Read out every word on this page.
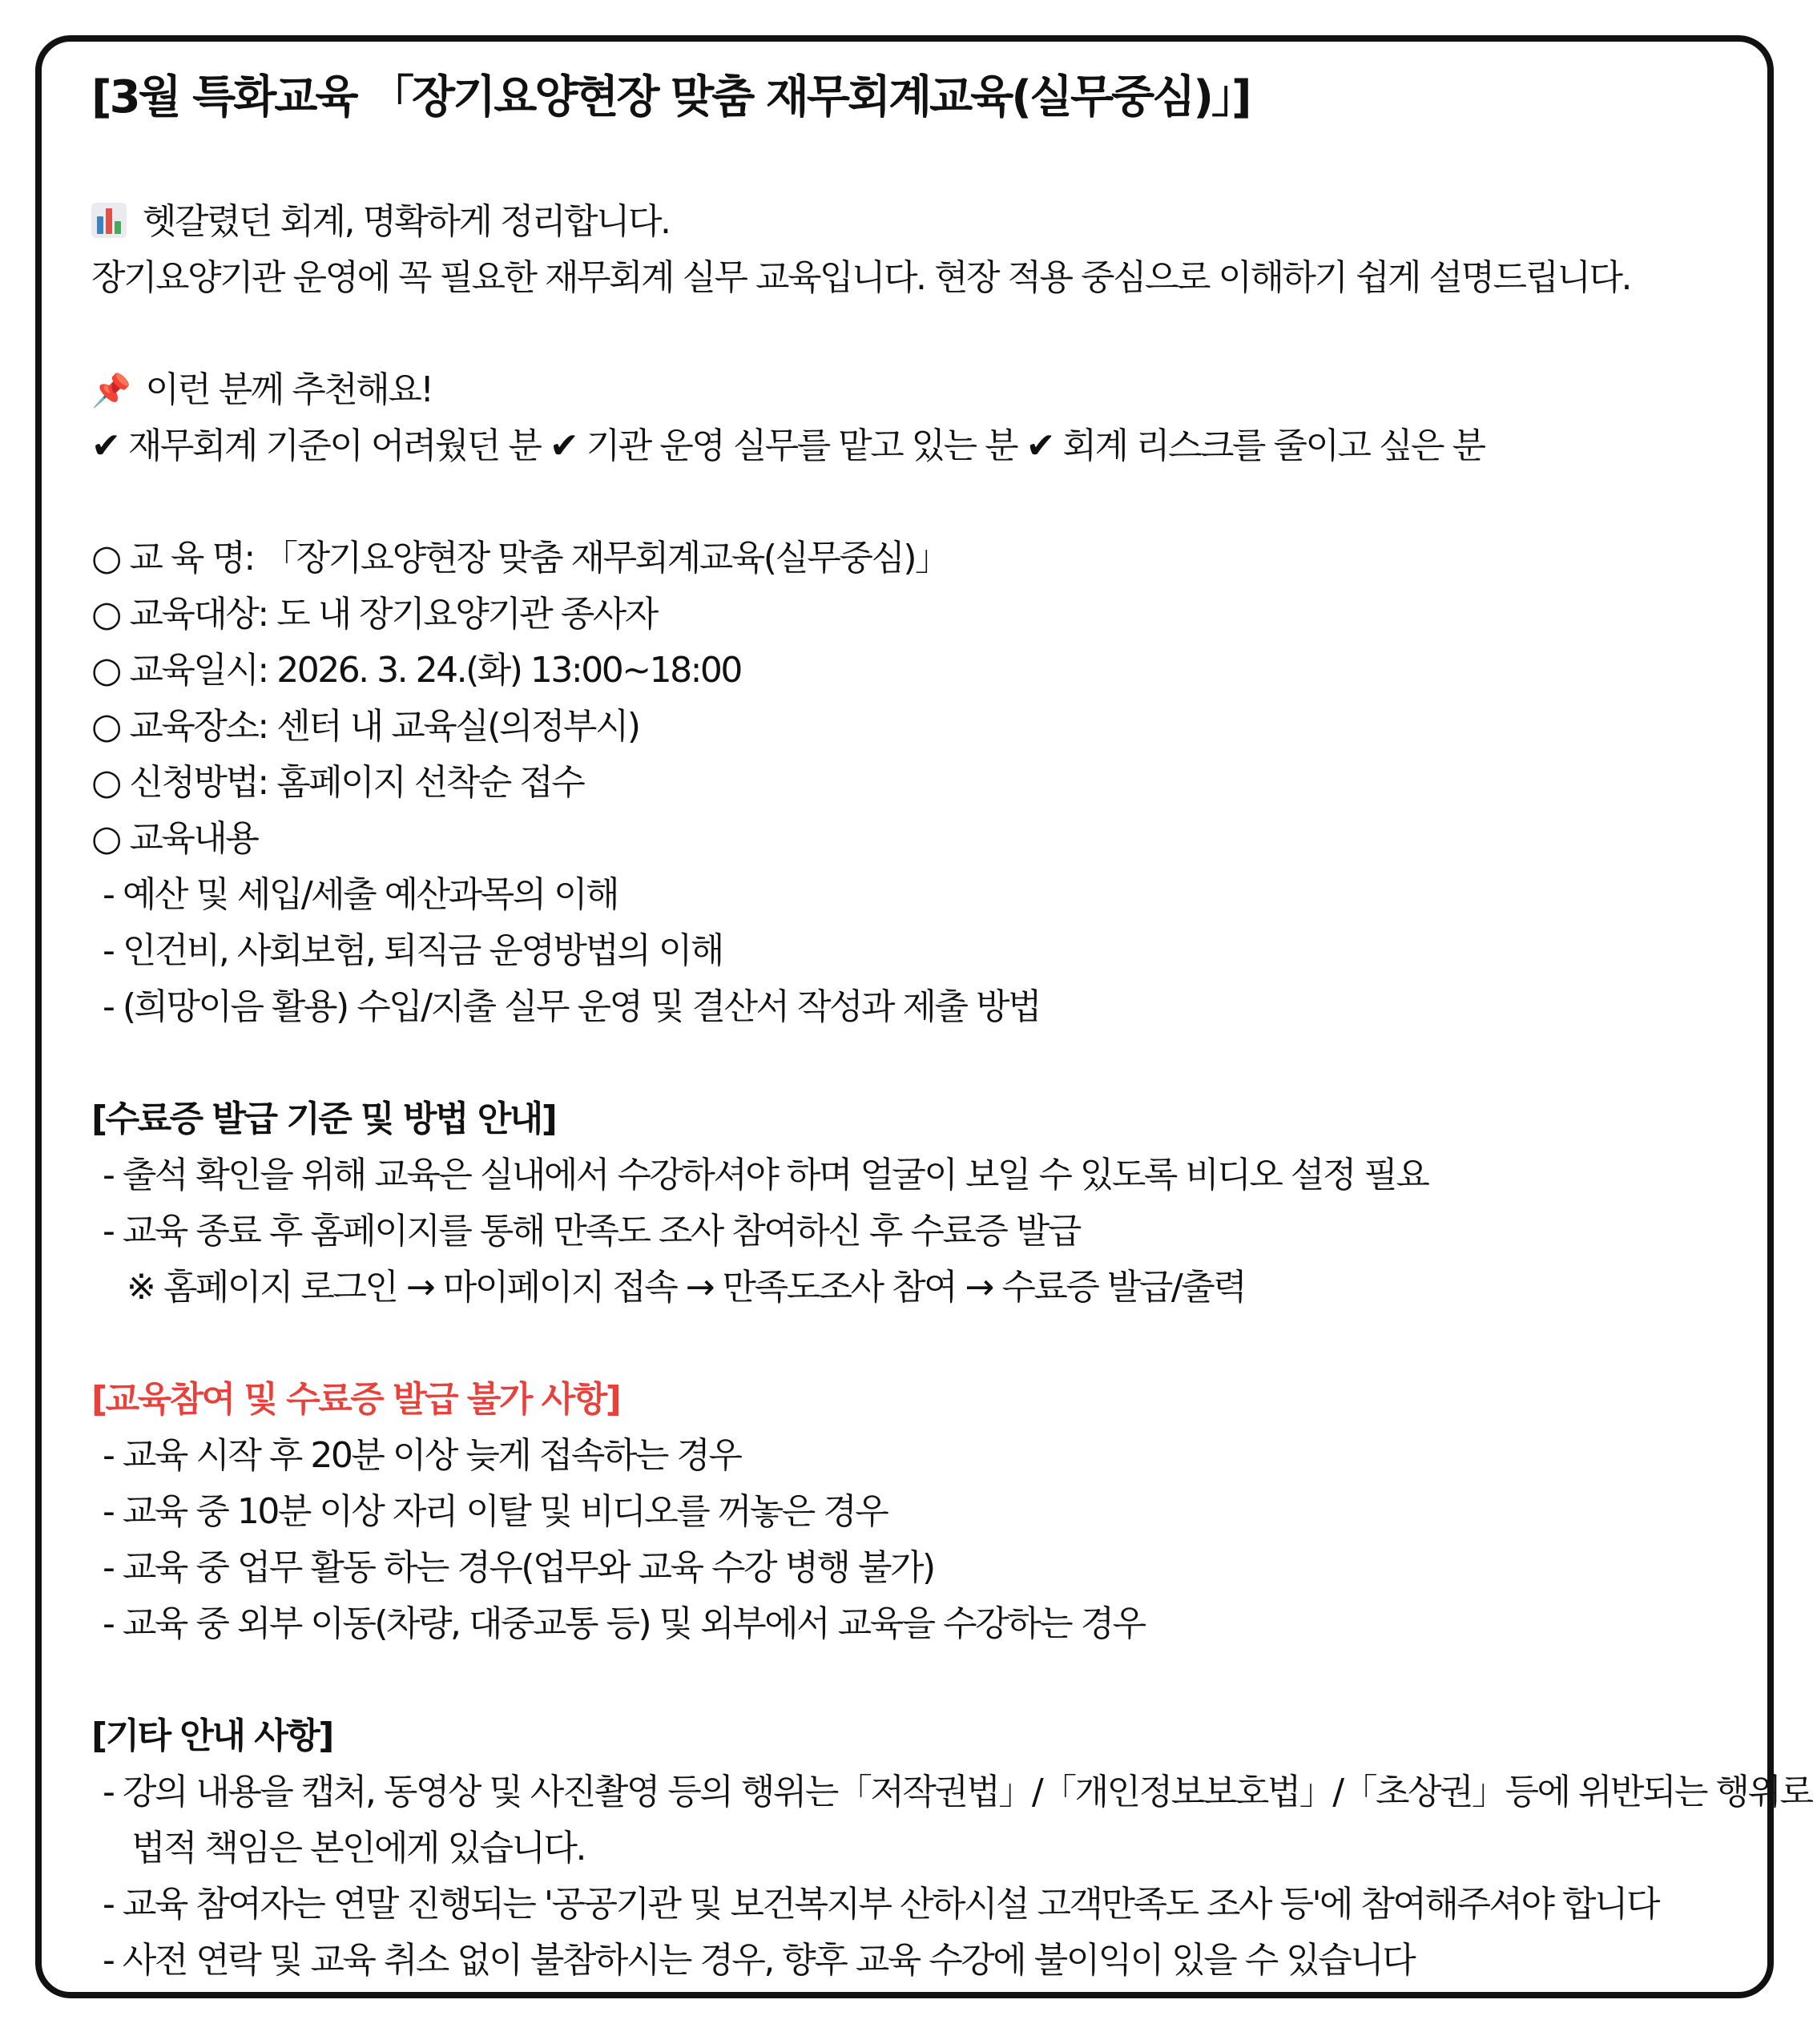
[3월 특화교육 「장기요양현장 맞춤 재무회계교육(실무중심)」]
헷갈렸던 회계, 명확하게 정리합니다.
장기요양기관 운영에 꼭 필요한 재무회계 실무 교육입니다. 현장 적용 중심으로 이해하기 쉽게 설명드립니다.
📌 이런 분께 추천해요!
✔ 재무회계 기준이 어려웠던 분 ✔ 기관 운영 실무를 맡고 있는 분 ✔ 회계 리스크를 줄이고 싶은 분
○ 교 육 명: 「장기요양현장 맞춤 재무회계교육(실무중심)」
○ 교육대상: 도 내 장기요양기관 종사자
○ 교육일시: 2026. 3. 24.(화) 13:00~18:00
○ 교육장소: 센터 내 교육실(의정부시)
○ 신청방법: 홈페이지 선착순 접수
○ 교육내용
- 예산 및 세입/세출 예산과목의 이해
- 인건비, 사회보험, 퇴직금 운영방법의 이해
- (희망이음 활용) 수입/지출 실무 운영 및 결산서 작성과 제출 방법
[수료증 발급 기준 및 방법 안내]
- 출석 확인을 위해 교육은 실내에서 수강하셔야 하며 얼굴이 보일 수 있도록 비디오 설정 필요
- 교육 종료 후 홈페이지를 통해 만족도 조사 참여하신 후 수료증 발급
※ 홈페이지 로그인 → 마이페이지 접속 → 만족도조사 참여 → 수료증 발급/출력
[교육참여 및 수료증 발급 불가 사항]
- 교육 시작 후 20분 이상 늦게 접속하는 경우
- 교육 중 10분 이상 자리 이탈 및 비디오를 꺼놓은 경우
- 교육 중 업무 활동 하는 경우(업무와 교육 수강 병행 불가)
- 교육 중 외부 이동(차량, 대중교통 등) 및 외부에서 교육을 수강하는 경우
[기타 안내 사항]
- 강의 내용을 캡처, 동영상 및 사진촬영 등의 행위는「저작권법」/「개인정보보호법」/「초상권」등에 위반되는 행위로
법적 책임은 본인에게 있습니다.
- 교육 참여자는 연말 진행되는 '공공기관 및 보건복지부 산하시설 고객만족도 조사 등'에 참여해주셔야 합니다
- 사전 연락 및 교육 취소 없이 불참하시는 경우, 향후 교육 수강에 불이익이 있을 수 있습니다
